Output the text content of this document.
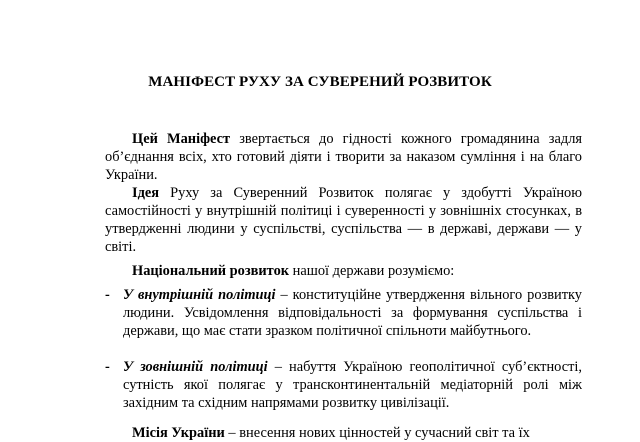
МАНІФЕСТ РУХУ ЗА СУВЕРЕНИЙ РОЗВИТОК

Цей Маніфест звертається до гідності кожного громадянина задля об’єднання всіх, хто готовий діяти і творити за наказом сумління і на благо України.

Ідея Руху за Суверенний Розвиток полягає у здобутті Україною самостійності у внутрішній політиці і суверенності у зовнішніх стосунках, в утвердженні людини у суспільстві, суспільства — в державі, держави — у світі.

Національний розвиток нашої держави розуміємо:

- У внутрішній політиці – конституційне утвердження вільного розвитку людини. Усвідомлення відповідальності за формування суспільства і держави, що має стати зразком політичної спільноти майбутнього.
- У зовнішній політиці – набуття Україною геополітичної суб’єктності, сутність якої полягає у трансконтинентальній медіаторній ролі між західним та східним напрямами розвитку цивілізації.

Місія України – внесення нових цінностей у сучасний світ та їх
